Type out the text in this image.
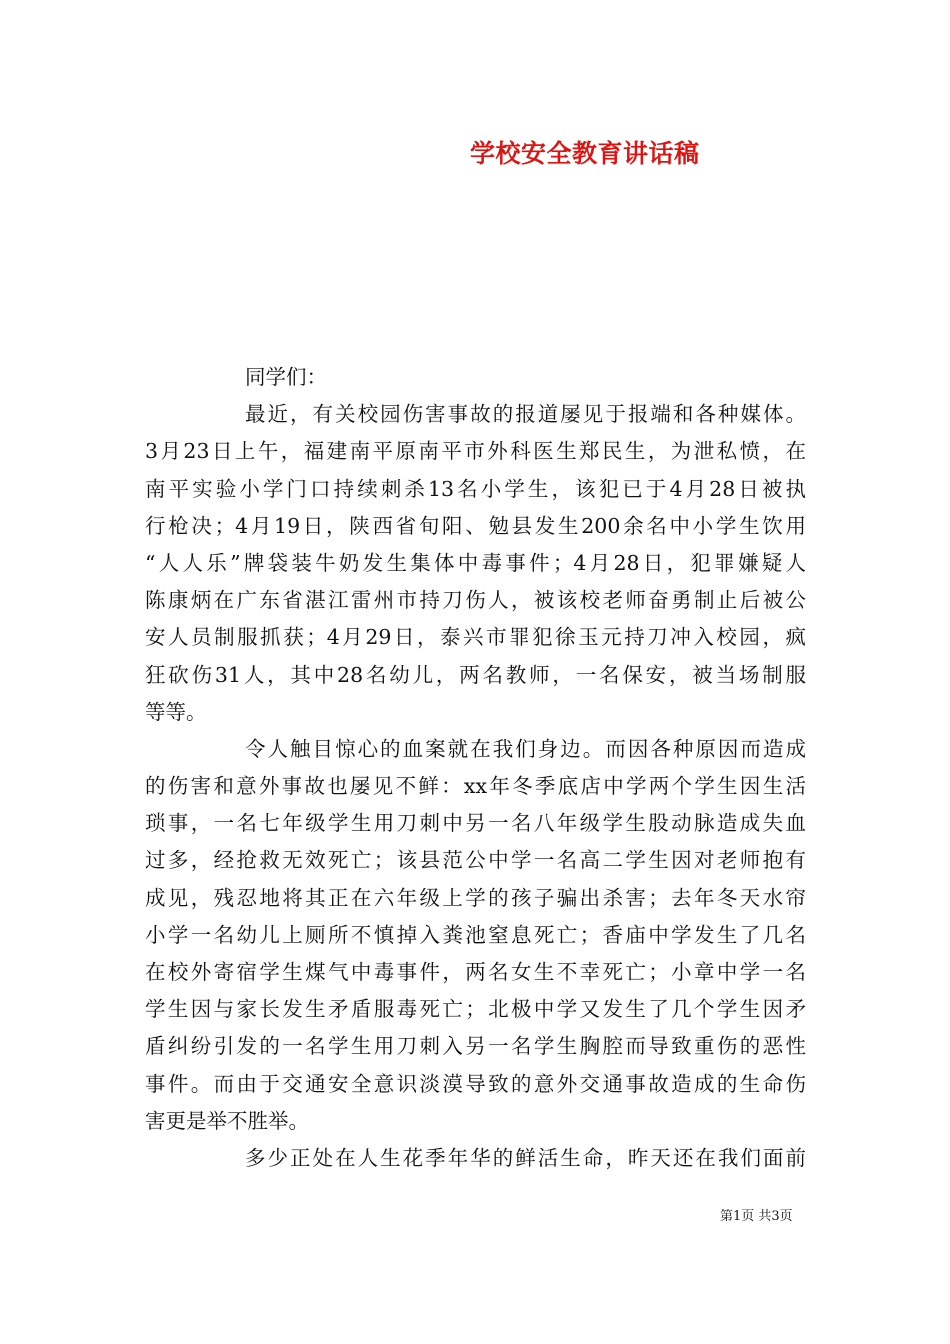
学校安全教育讲话稿
同学们：
最近，有关校园伤害事故的报道屡见于报端和各种媒体。
3月23日上午，福建南平原南平市外科医生郑民生，为泄私愤，在
南平实验小学门口持续刺杀13名小学生，该犯已于4月28日被执
行枪决；4月19日，陕西省旬阳、勉县发生200余名中小学生饮用
“人人乐”牌袋装牛奶发生集体中毒事件；4月28日，犯罪嫌疑人
陈康炳在广东省湛江雷州市持刀伤人，被该校老师奋勇制止后被公
安人员制服抓获；4月29日，泰兴市罪犯徐玉元持刀冲入校园，疯
狂砍伤31人，其中28名幼儿，两名教师，一名保安，被当场制服
等等。
令人触目惊心的血案就在我们身边。而因各种原因而造成
的伤害和意外事故也屡见不鲜：xx年冬季底店中学两个学生因生活
琐事，一名七年级学生用刀刺中另一名八年级学生股动脉造成失血
过多，经抢救无效死亡；该县范公中学一名高二学生因对老师抱有
成见，残忍地将其正在六年级上学的孩子骗出杀害；去年冬天水帘
小学一名幼儿上厕所不慎掉入粪池窒息死亡；香庙中学发生了几名
在校外寄宿学生煤气中毒事件，两名女生不幸死亡；小章中学一名
学生因与家长发生矛盾服毒死亡；北极中学又发生了几个学生因矛
盾纠纷引发的一名学生用刀刺入另一名学生胸腔而导致重伤的恶性
事件。而由于交通安全意识淡漠导致的意外交通事故造成的生命伤
害更是举不胜举。
多少正处在人生花季年华的鲜活生命，昨天还在我们面前
第1页 共3页
